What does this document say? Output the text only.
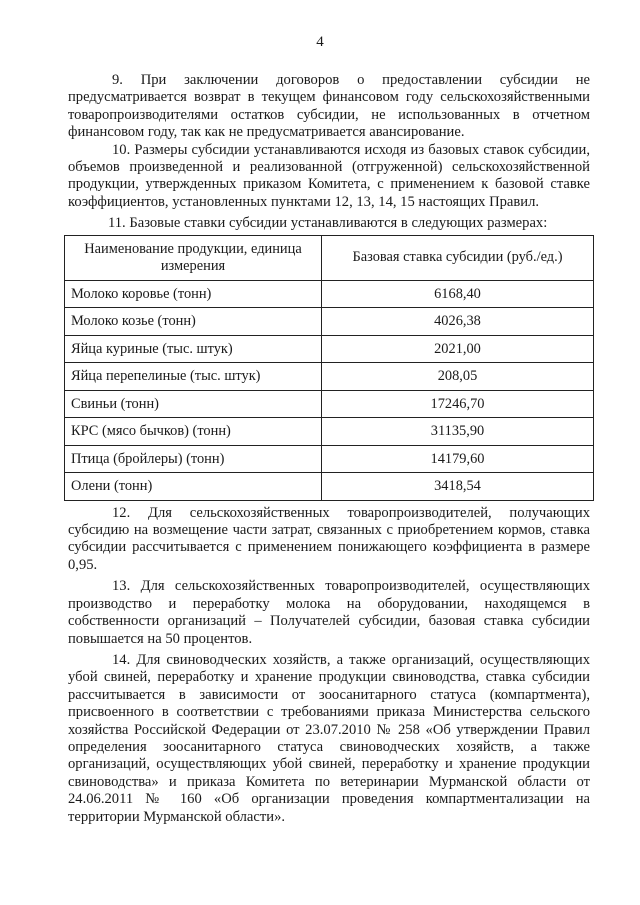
4

9. При заключении договоров о предоставлении субсидии не предусматривается возврат в текущем финансовом году сельскохозяйственными товаропроизводителями остатков субсидии, не использованных в отчетном финансовом году, так как не предусматривается авансирование.

10. Размеры субсидии устанавливаются исходя из базовых ставок субсидии, объемов произведенной и реализованной (отгруженной) сельскохозяйственной продукции, утвержденных приказом Комитета, с применением к базовой ставке коэффициентов, установленных пунктами 12, 13, 14, 15 настоящих Правил.

11. Базовые ставки субсидии устанавливаются в следующих размерах:

Наименование продукции, единица измерения	Базовая ставка субсидии (руб./ед.)
Молоко коровье (тонн)	6168,40
Молоко козье (тонн)	4026,38
Яйца куриные (тыс. штук)	2021,00
Яйца перепелиные (тыс. штук)	208,05
Свиньи (тонн)	17246,70
КРС (мясо бычков) (тонн)	31135,90
Птица (бройлеры) (тонн)	14179,60
Олени (тонн)	3418,54

12. Для сельскохозяйственных товаропроизводителей, получающих субсидию на возмещение части затрат, связанных с приобретением кормов, ставка субсидии рассчитывается с применением понижающего коэффициента в размере 0,95.

13. Для сельскохозяйственных товаропроизводителей, осуществляющих производство и переработку молока на оборудовании, находящемся в собственности организаций – Получателей субсидии, базовая ставка субсидии повышается на 50 процентов.

14. Для свиноводческих хозяйств, а также организаций, осуществляющих убой свиней, переработку и хранение продукции свиноводства, ставка субсидии рассчитывается в зависимости от зоосанитарного статуса (компартмента), присвоенного в соответствии с требованиями приказа Министерства сельского хозяйства Российской Федерации от 23.07.2010 № 258 «Об утверждении Правил определения зоосанитарного статуса свиноводческих хозяйств, а также организаций, осуществляющих убой свиней, переработку и хранение продукции свиноводства» и приказа Комитета по ветеринарии Мурманской области от 24.06.2011 № 160 «Об организации проведения компартментализации на территории Мурманской области».
